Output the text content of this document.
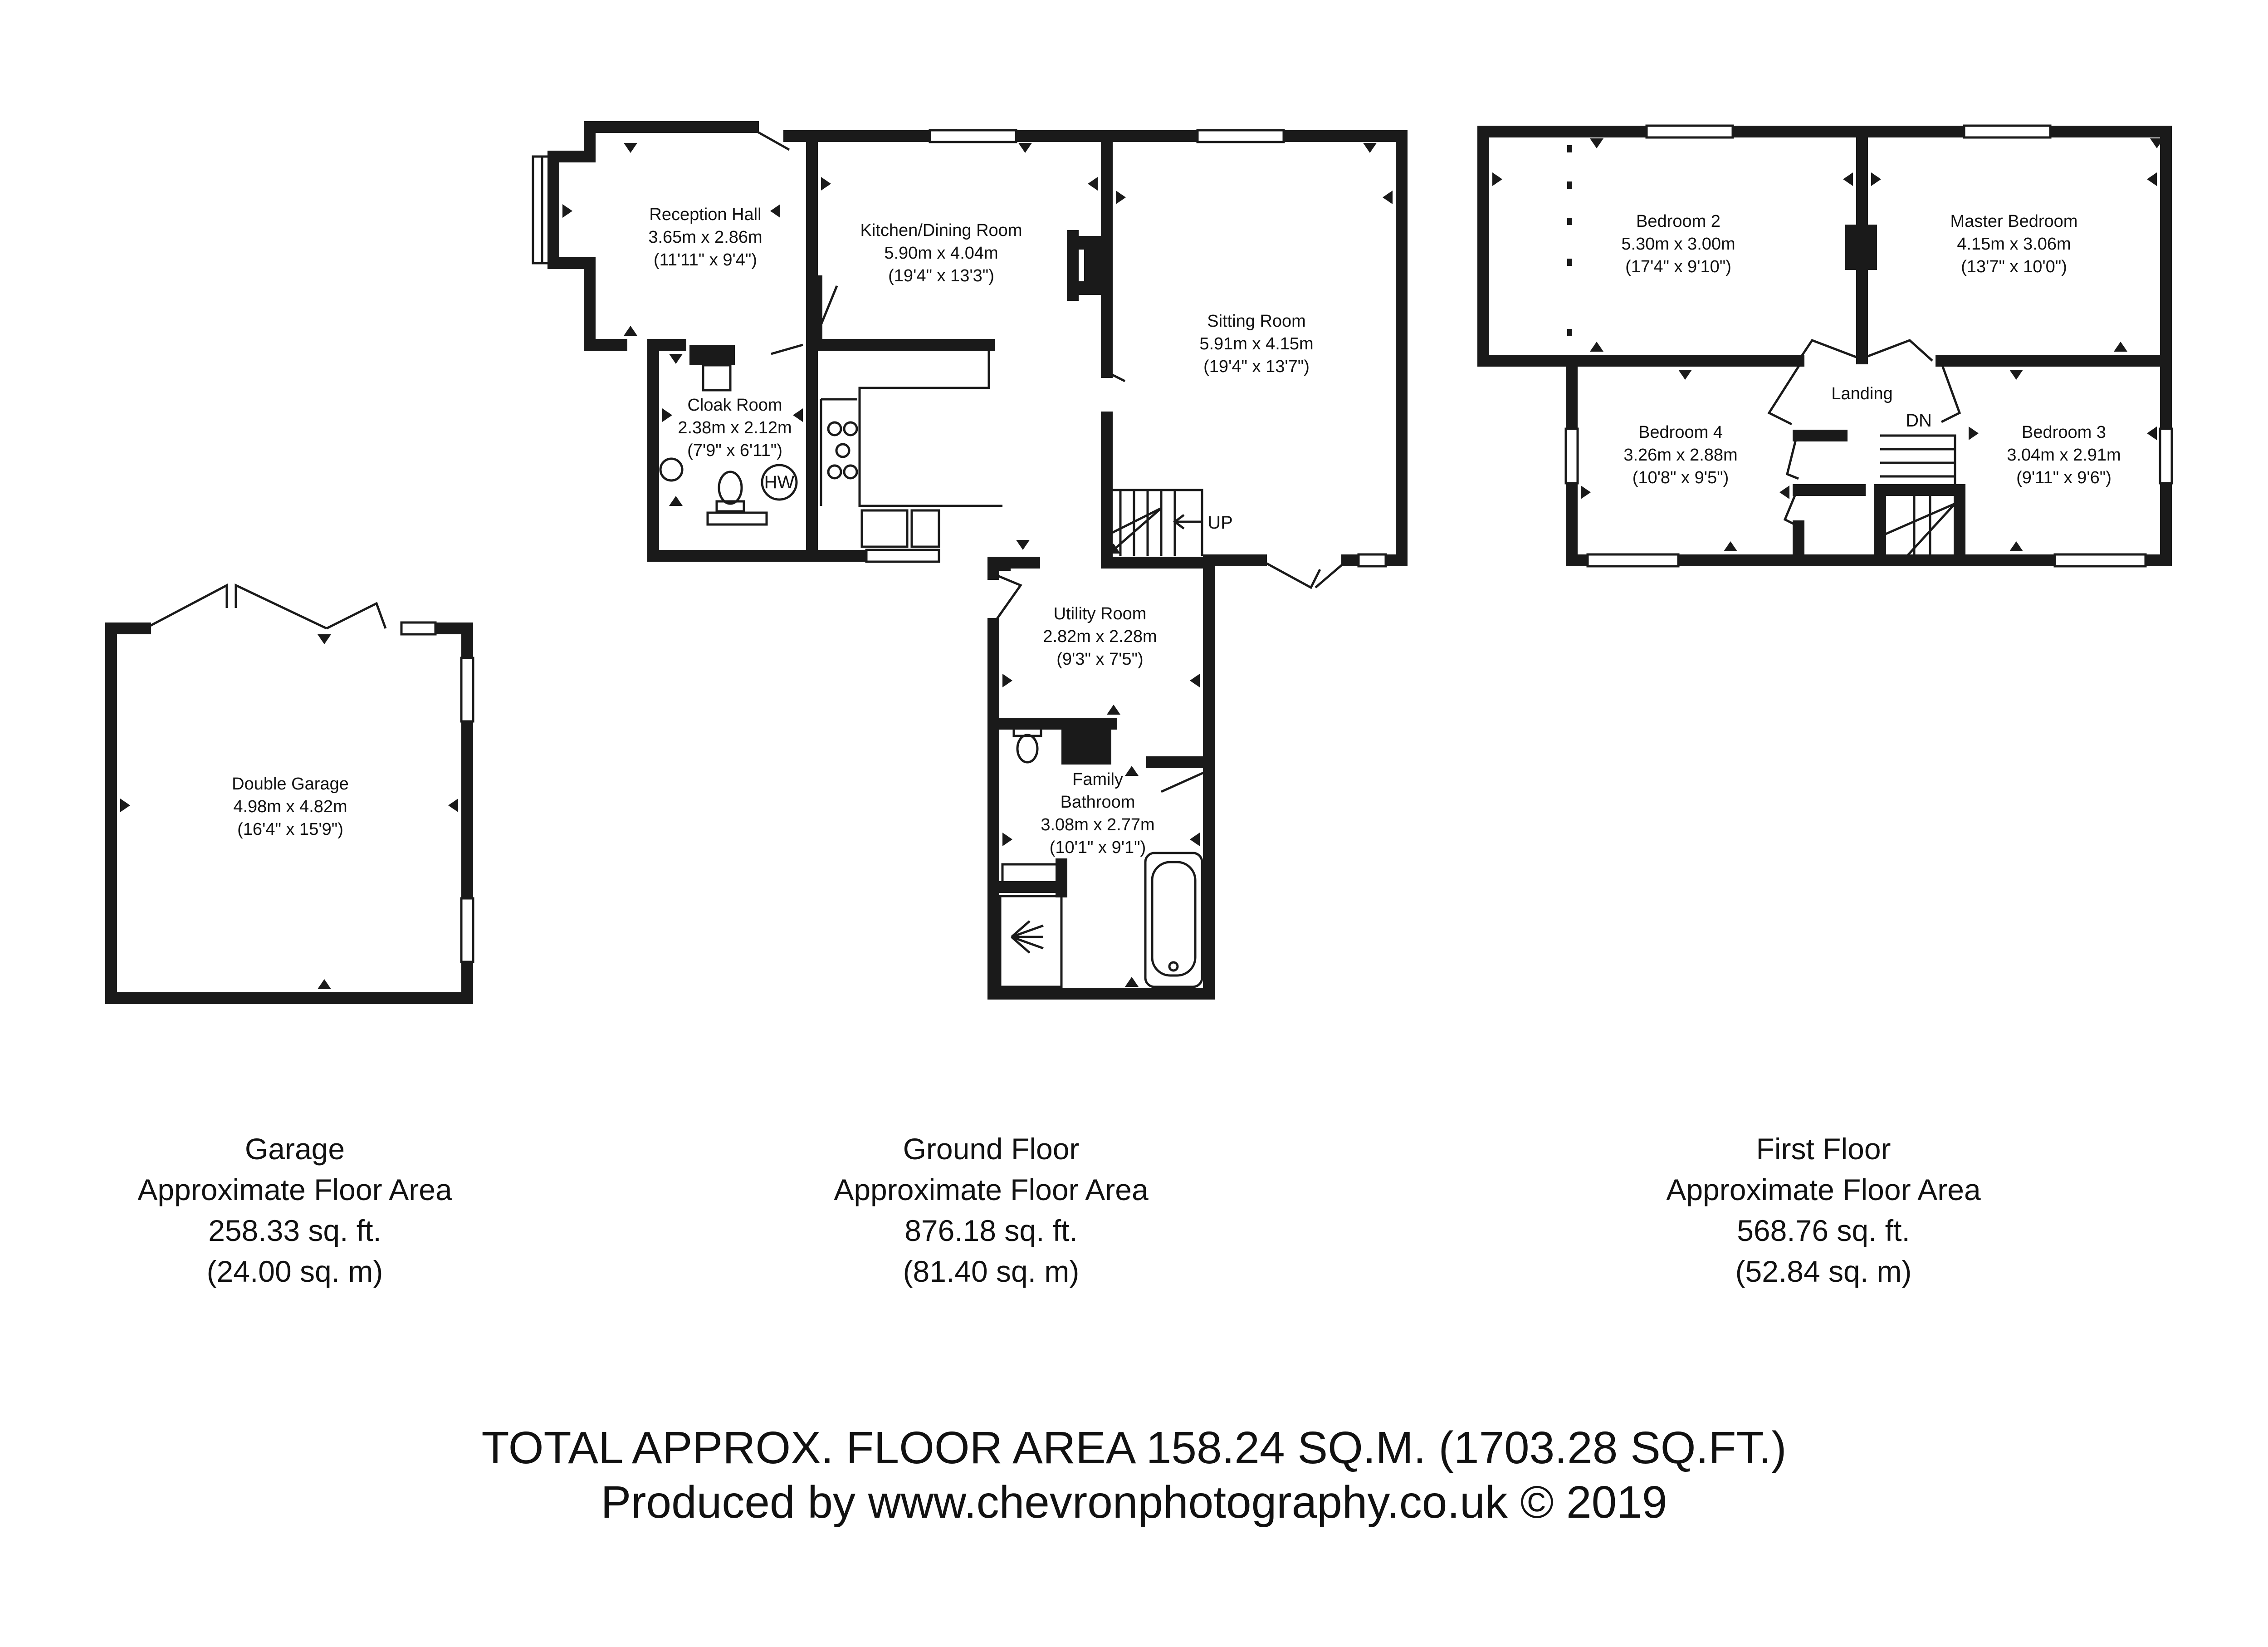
Reception Hall
3.65m x 2.86m
(11'11" x 9'4")
Kitchen/Dining Room
5.90m x 4.04m
(19'4" x 13'3")
Sitting Room
5.91m x 4.15m
(19'4" x 13'7")
Cloak Room
2.38m x 2.12m
(7'9" x 6'11")
HW
UP
Utility Room
2.82m x 2.28m
(9'3" x 7'5")
Family
Bathroom
3.08m x 2.77m
(10'1" x 9'1")
Double Garage
4.98m x 4.82m
(16'4" x 15'9")
Bedroom 2
5.30m x 3.00m
(17'4" x 9'10")
Master Bedroom
4.15m x 3.06m
(13'7" x 10'0")
Bedroom 4
3.26m x 2.88m
(10'8" x 9'5")
Bedroom 3
3.04m x 2.91m
(9'11" x 9'6")
Landing
DN
Garage
Approximate Floor Area
258.33 sq. ft.
(24.00 sq. m)
Ground Floor
Approximate Floor Area
876.18 sq. ft.
(81.40 sq. m)
First Floor
Approximate Floor Area
568.76 sq. ft.
(52.84 sq. m)
TOTAL APPROX. FLOOR AREA 158.24 SQ.M. (1703.28 SQ.FT.)
Produced by www.chevronphotography.co.uk © 2019
